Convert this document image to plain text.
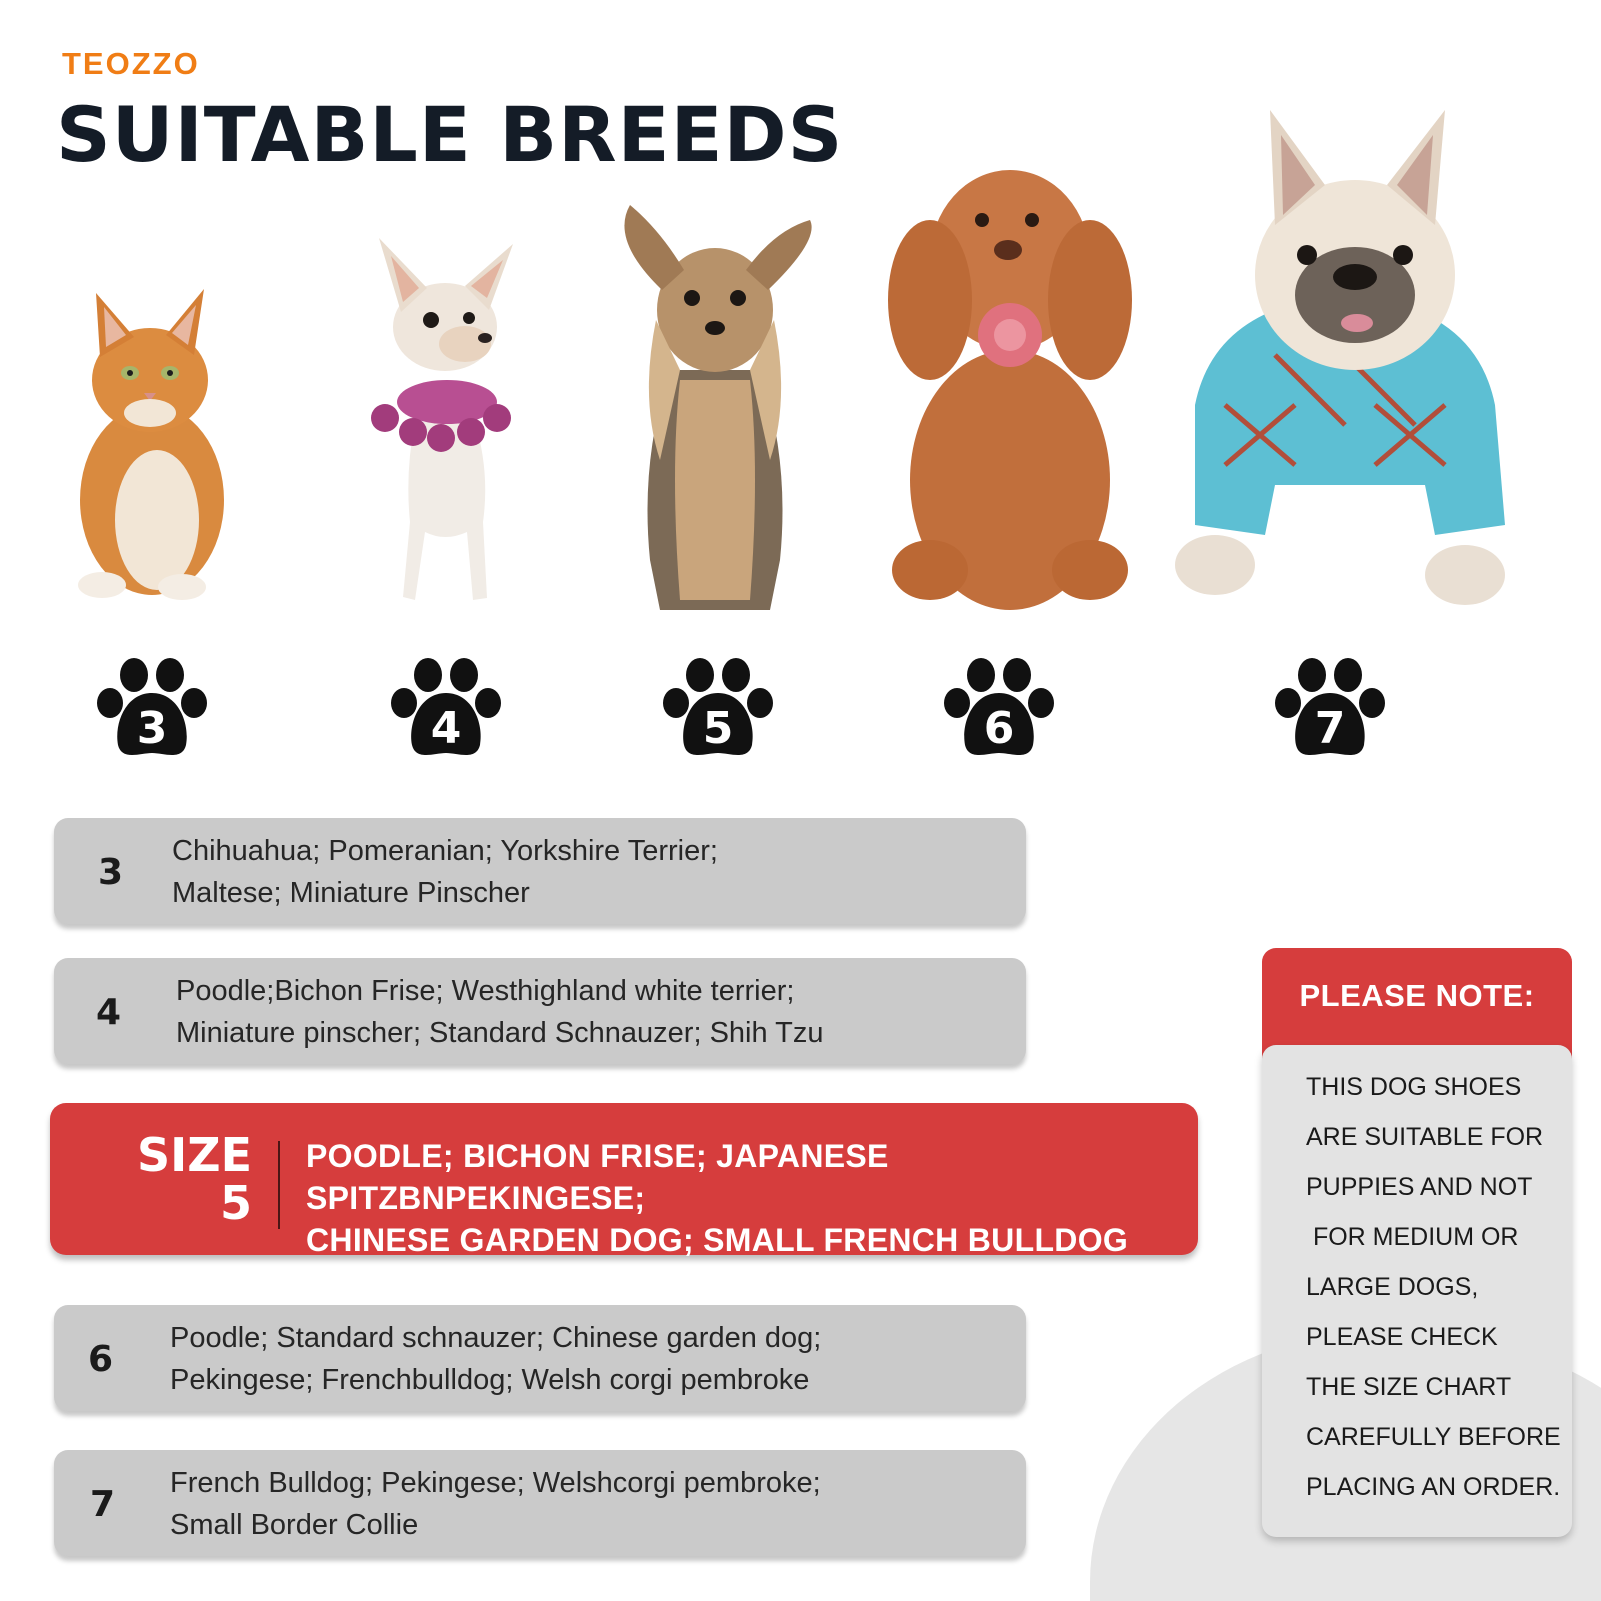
TEOZZO
SUITABLE BREEDS
3	4	5	6	7
3
Chihuahua; Pomeranian; Yorkshire Terrier;
Maltese; Miniature Pinscher
4
Poodle;Bichon Frise; Westhighland white terrier;
Miniature pinscher; Standard Schnauzer; Shih Tzu
SIZE
5
POODLE; BICHON FRISE; JAPANESE SPITZBNPEKINGESE;
CHINESE GARDEN DOG; SMALL FRENCH BULLDOG
6
Poodle; Standard schnauzer; Chinese garden dog;
Pekingese; Frenchbulldog; Welsh corgi pembroke
7
French Bulldog; Pekingese; Welshcorgi pembroke;
Small Border Collie
PLEASE NOTE:
THIS DOG SHOES
ARE SUITABLE FOR
PUPPIES AND NOT
FOR MEDIUM OR
LARGE DOGS,
PLEASE CHECK
THE SIZE CHART
CAREFULLY BEFORE
PLACING AN ORDER.
